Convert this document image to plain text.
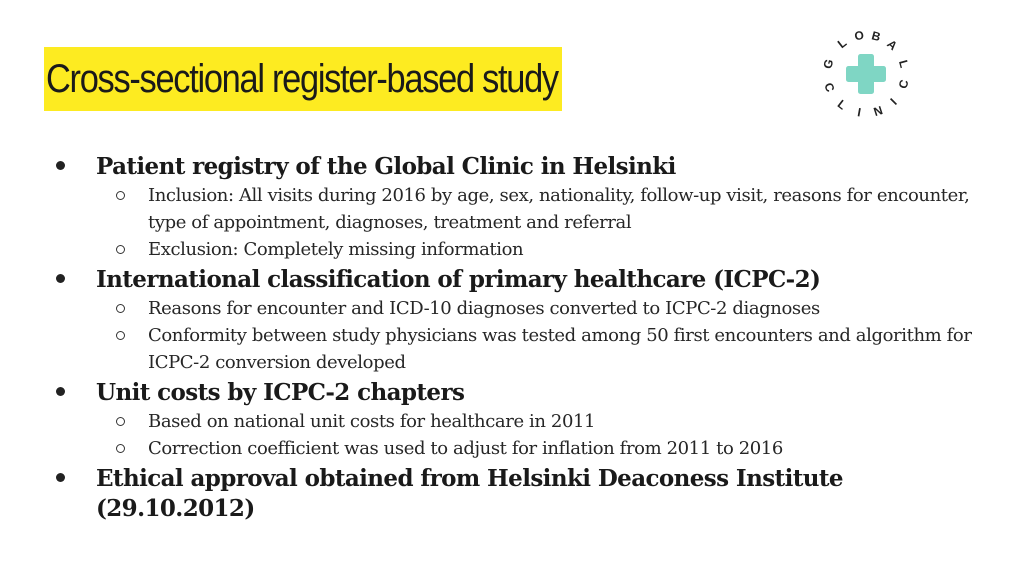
Cross-sectional register-based study	G
L O B
A
L
C
L I N
I
C
Patient registry of the Global Clinic in Helsinki
Inclusion: All visits during 2016 by age, sex, nationality, follow-up visit, reasons for encounter, type of appointment, diagnoses, treatment and referral
Exclusion: Completely missing information
International classification of primary healthcare (ICPC-2)
Reasons for encounter and ICD-10 diagnoses converted to ICPC-2 diagnoses
Conformity between study physicians was tested among 50 first encounters and algorithm for ICPC-2 conversion developed
Unit costs by ICPC-2 chapters
Based on national unit costs for healthcare in 2011
Correction coefficient was used to adjust for inflation from 2011 to 2016
Ethical approval obtained from Helsinki Deaconess Institute (29.10.2012)
